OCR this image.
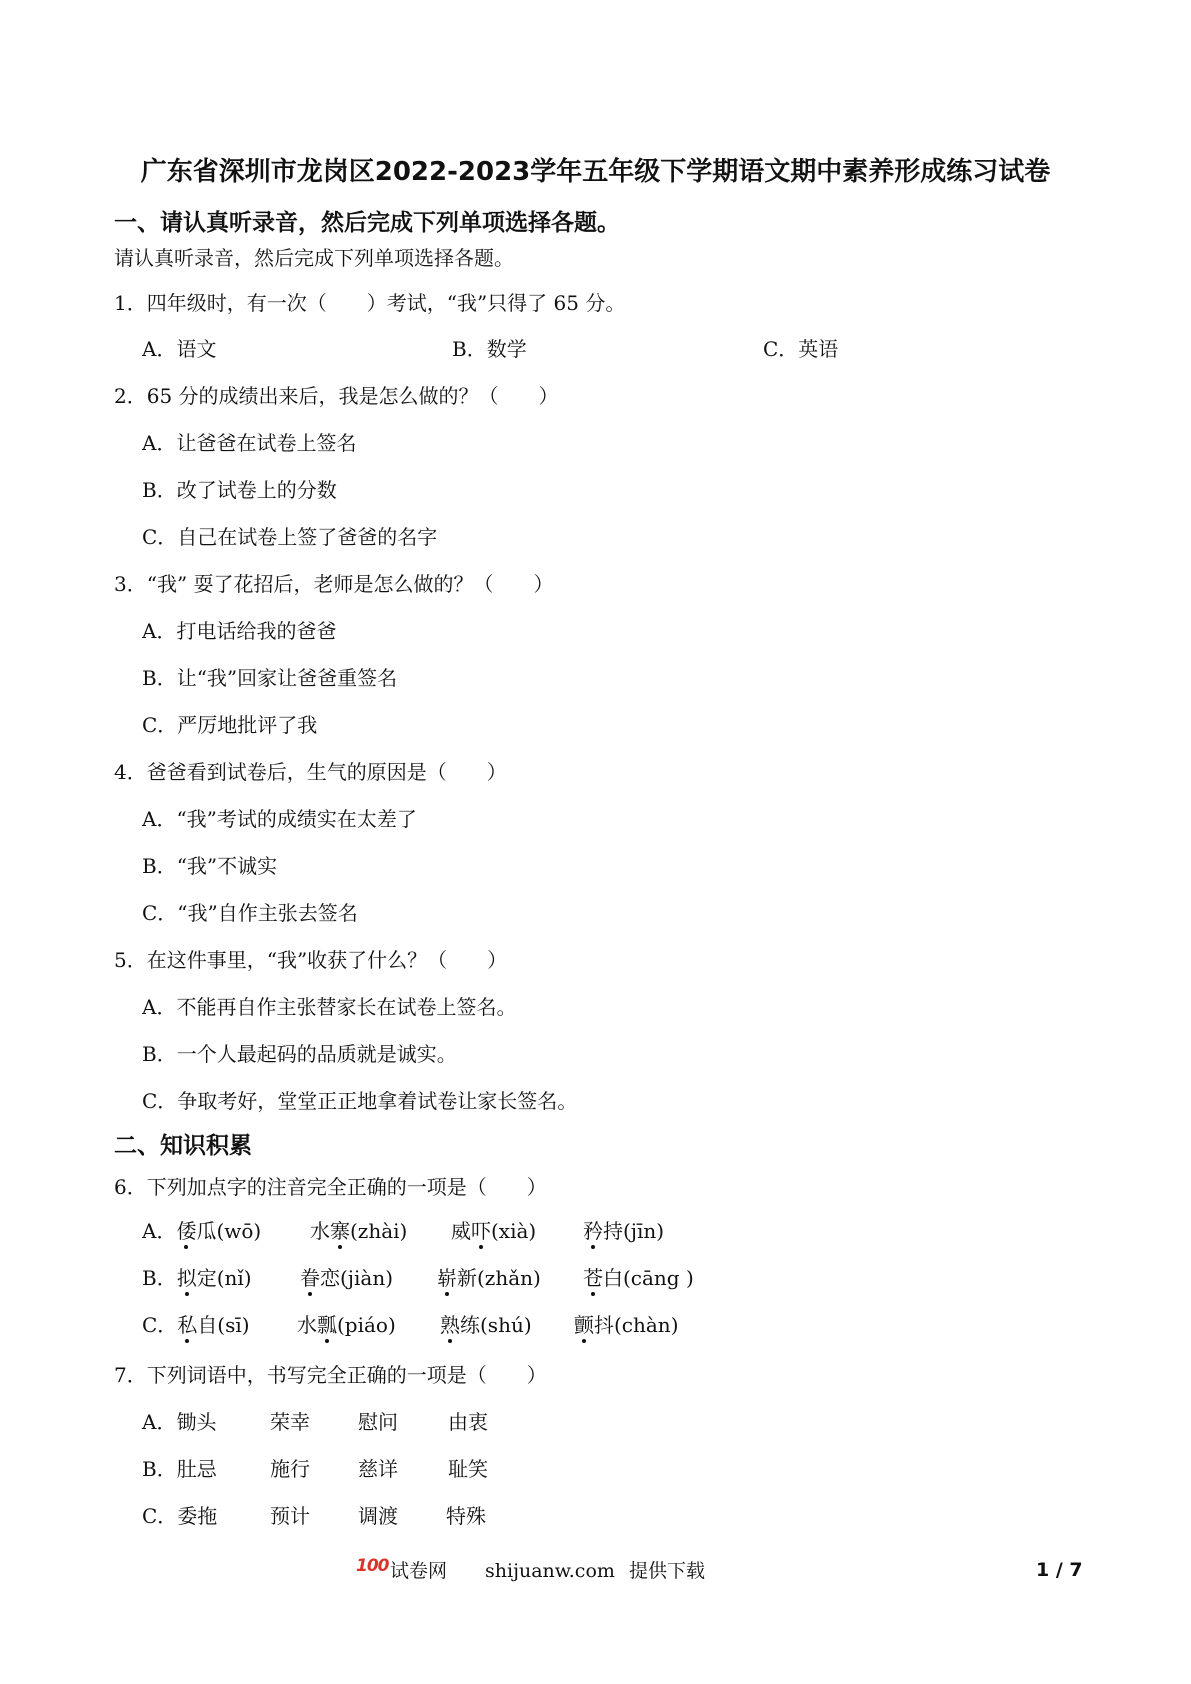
广东省深圳市龙岗区2022-2023学年五年级下学期语文期中素养形成练习试卷
一、请认真听录音，然后完成下列单项选择各题。
请认真听录音，然后完成下列单项选择各题。
1．四年级时，有一次（　　）考试，“我”只得了 65 分。
A．语文	B．数学	C．英语
2．65 分的成绩出来后，我是怎么做的？（　　）
A．让爸爸在试卷上签名
B．改了试卷上的分数
C．自己在试卷上签了爸爸的名字
3．“我” 耍了花招后，老师是怎么做的？（　　）
A．打电话给我的爸爸
B．让“我”回家让爸爸重签名
C．严厉地批评了我
4．爸爸看到试卷后，生气的原因是（　　）
A．“我”考试的成绩实在太差了
B．“我”不诚实
C．“我”自作主张去签名
5．在这件事里，“我”收获了什么？（　　）
A．不能再自作主张替家长在试卷上签名。
B．一个人最起码的品质就是诚实。
C．争取考好，堂堂正正地拿着试卷让家长签名。
二、知识积累
6．下列加点字的注音完全正确的一项是（　　）
A．倭瓜(wō) 水寨(zhài) 威吓(xià) 矜持(jīn)
B．拟定(nǐ) 眷恋(jiàn) 崭新(zhǎn) 苍白(cāng )
C．私自(sī) 水瓢(piáo) 熟练(shú) 颤抖(chàn)
7．下列词语中，书写完全正确的一项是（　　）
A．锄头	荣幸 慰问	由衷
B．肚忌	施行 慈详	耻笑
C．委拖	预计 调渡 特殊
100 试卷网 shijuanw.com 提供下载	1 / 7
